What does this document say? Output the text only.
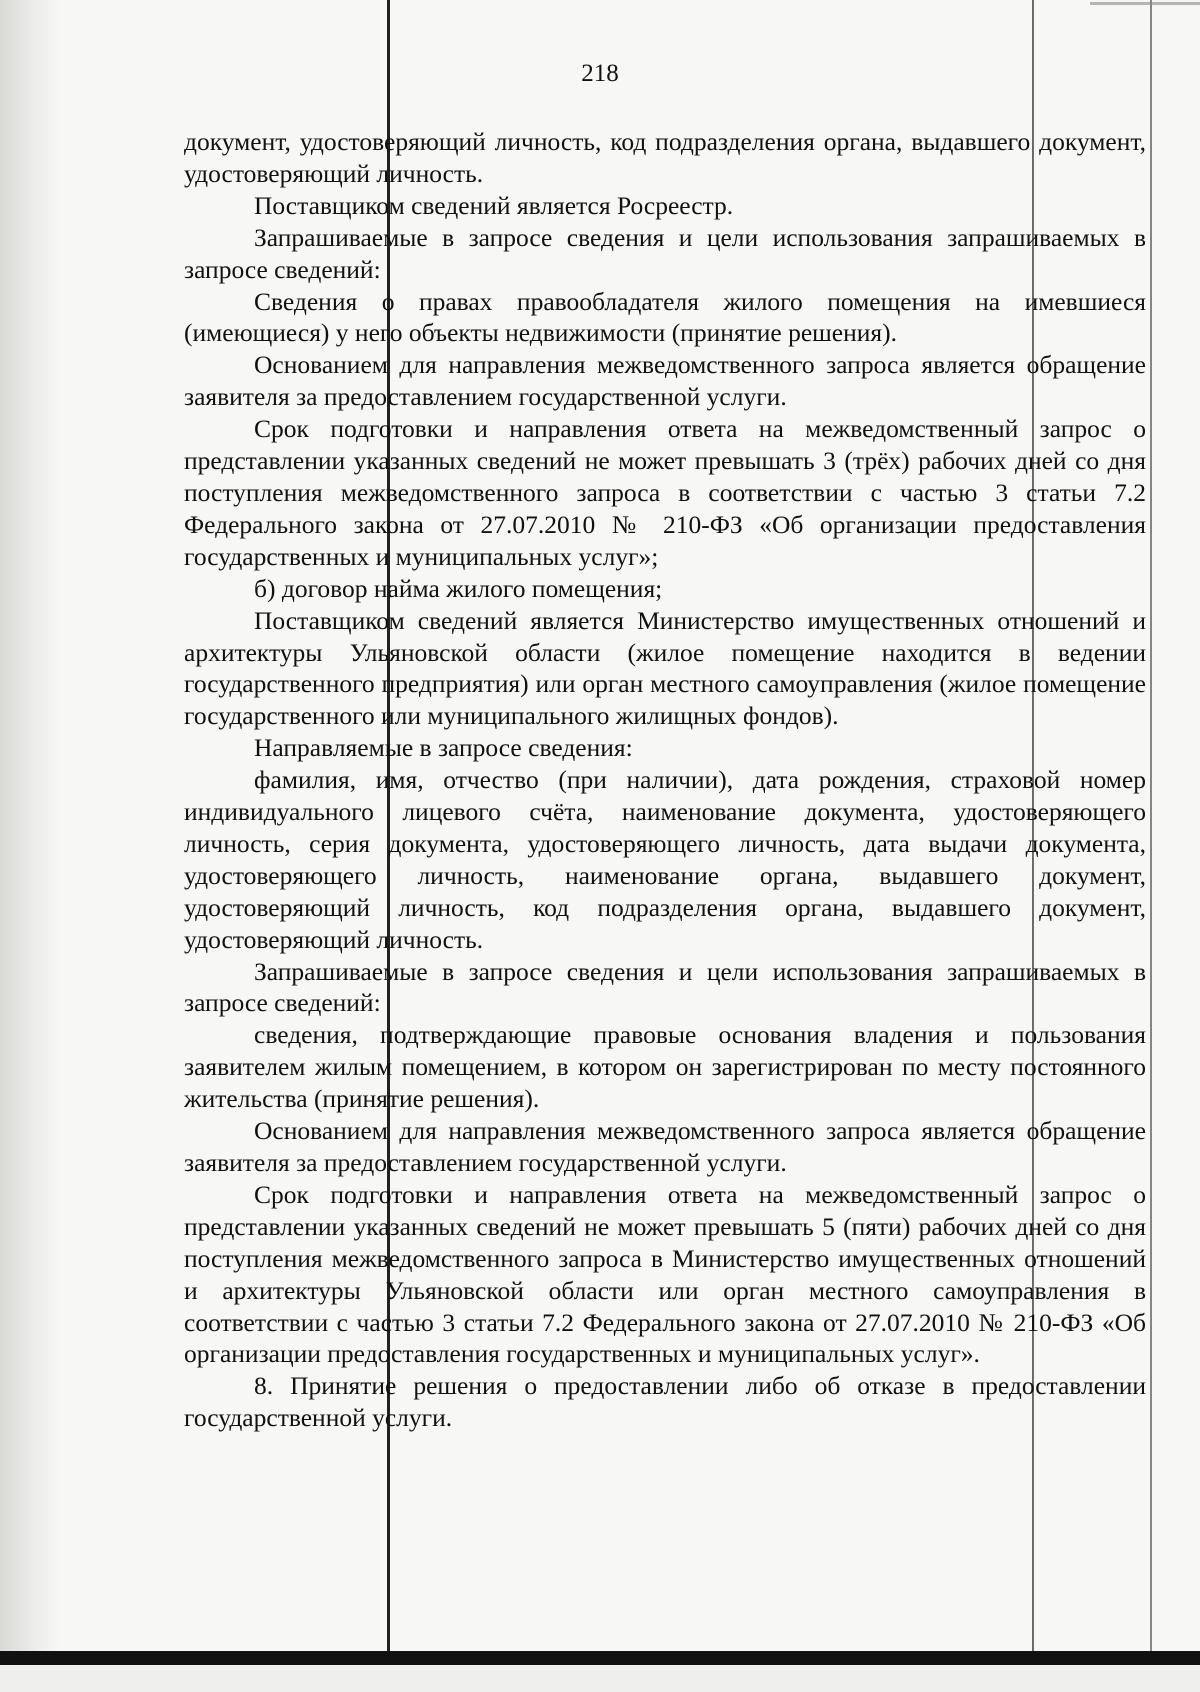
218

документ, удостоверяющий личность, код подразделения органа, выдавшего документ, удостоверяющий личность.

Поставщиком сведений является Росреестр.

Запрашиваемые в запросе сведения и цели использования запрашиваемых в запросе сведений:

Сведения о правах правообладателя жилого помещения на имевшиеся (имеющиеся) у него объекты недвижимости (принятие решения).

Основанием для направления межведомственного запроса является обращение заявителя за предоставлением государственной услуги.

Срок подготовки и направления ответа на межведомственный запрос о представлении указанных сведений не может превышать 3 (трёх) рабочих дней со дня поступления межведомственного запроса в соответствии с частью 3 статьи 7.2 Федерального закона от 27.07.2010 № 210-ФЗ «Об организации предоставления государственных и муниципальных услуг»;

б) договор найма жилого помещения;

Поставщиком сведений является Министерство имущественных отношений и архитектуры Ульяновской области (жилое помещение находится в ведении государственного предприятия) или орган местного самоуправления (жилое помещение государственного или муниципального жилищных фондов).

Направляемые в запросе сведения:

фамилия, имя, отчество (при наличии), дата рождения, страховой номер индивидуального лицевого счёта, наименование документа, удостоверяющего личность, серия документа, удостоверяющего личность, дата выдачи документа, удостоверяющего личность, наименование органа, выдавшего документ, удостоверяющий личность, код подразделения органа, выдавшего документ, удостоверяющий личность.

Запрашиваемые в запросе сведения и цели использования запрашиваемых в запросе сведений:

сведения, подтверждающие правовые основания владения и пользования заявителем жилым помещением, в котором он зарегистрирован по месту постоянного жительства (принятие решения).

Основанием для направления межведомственного запроса является обращение заявителя за предоставлением государственной услуги.

Срок подготовки и направления ответа на межведомственный запрос о представлении указанных сведений не может превышать 5 (пяти) рабочих дней со дня поступления межведомственного запроса в Министерство имущественных отношений и архитектуры Ульяновской области или орган местного самоуправления в соответствии с частью 3 статьи 7.2 Федерального закона от 27.07.2010 № 210-ФЗ «Об организации предоставления государственных и муниципальных услуг».

8. Принятие решения о предоставлении либо об отказе в предоставлении государственной услуги.
